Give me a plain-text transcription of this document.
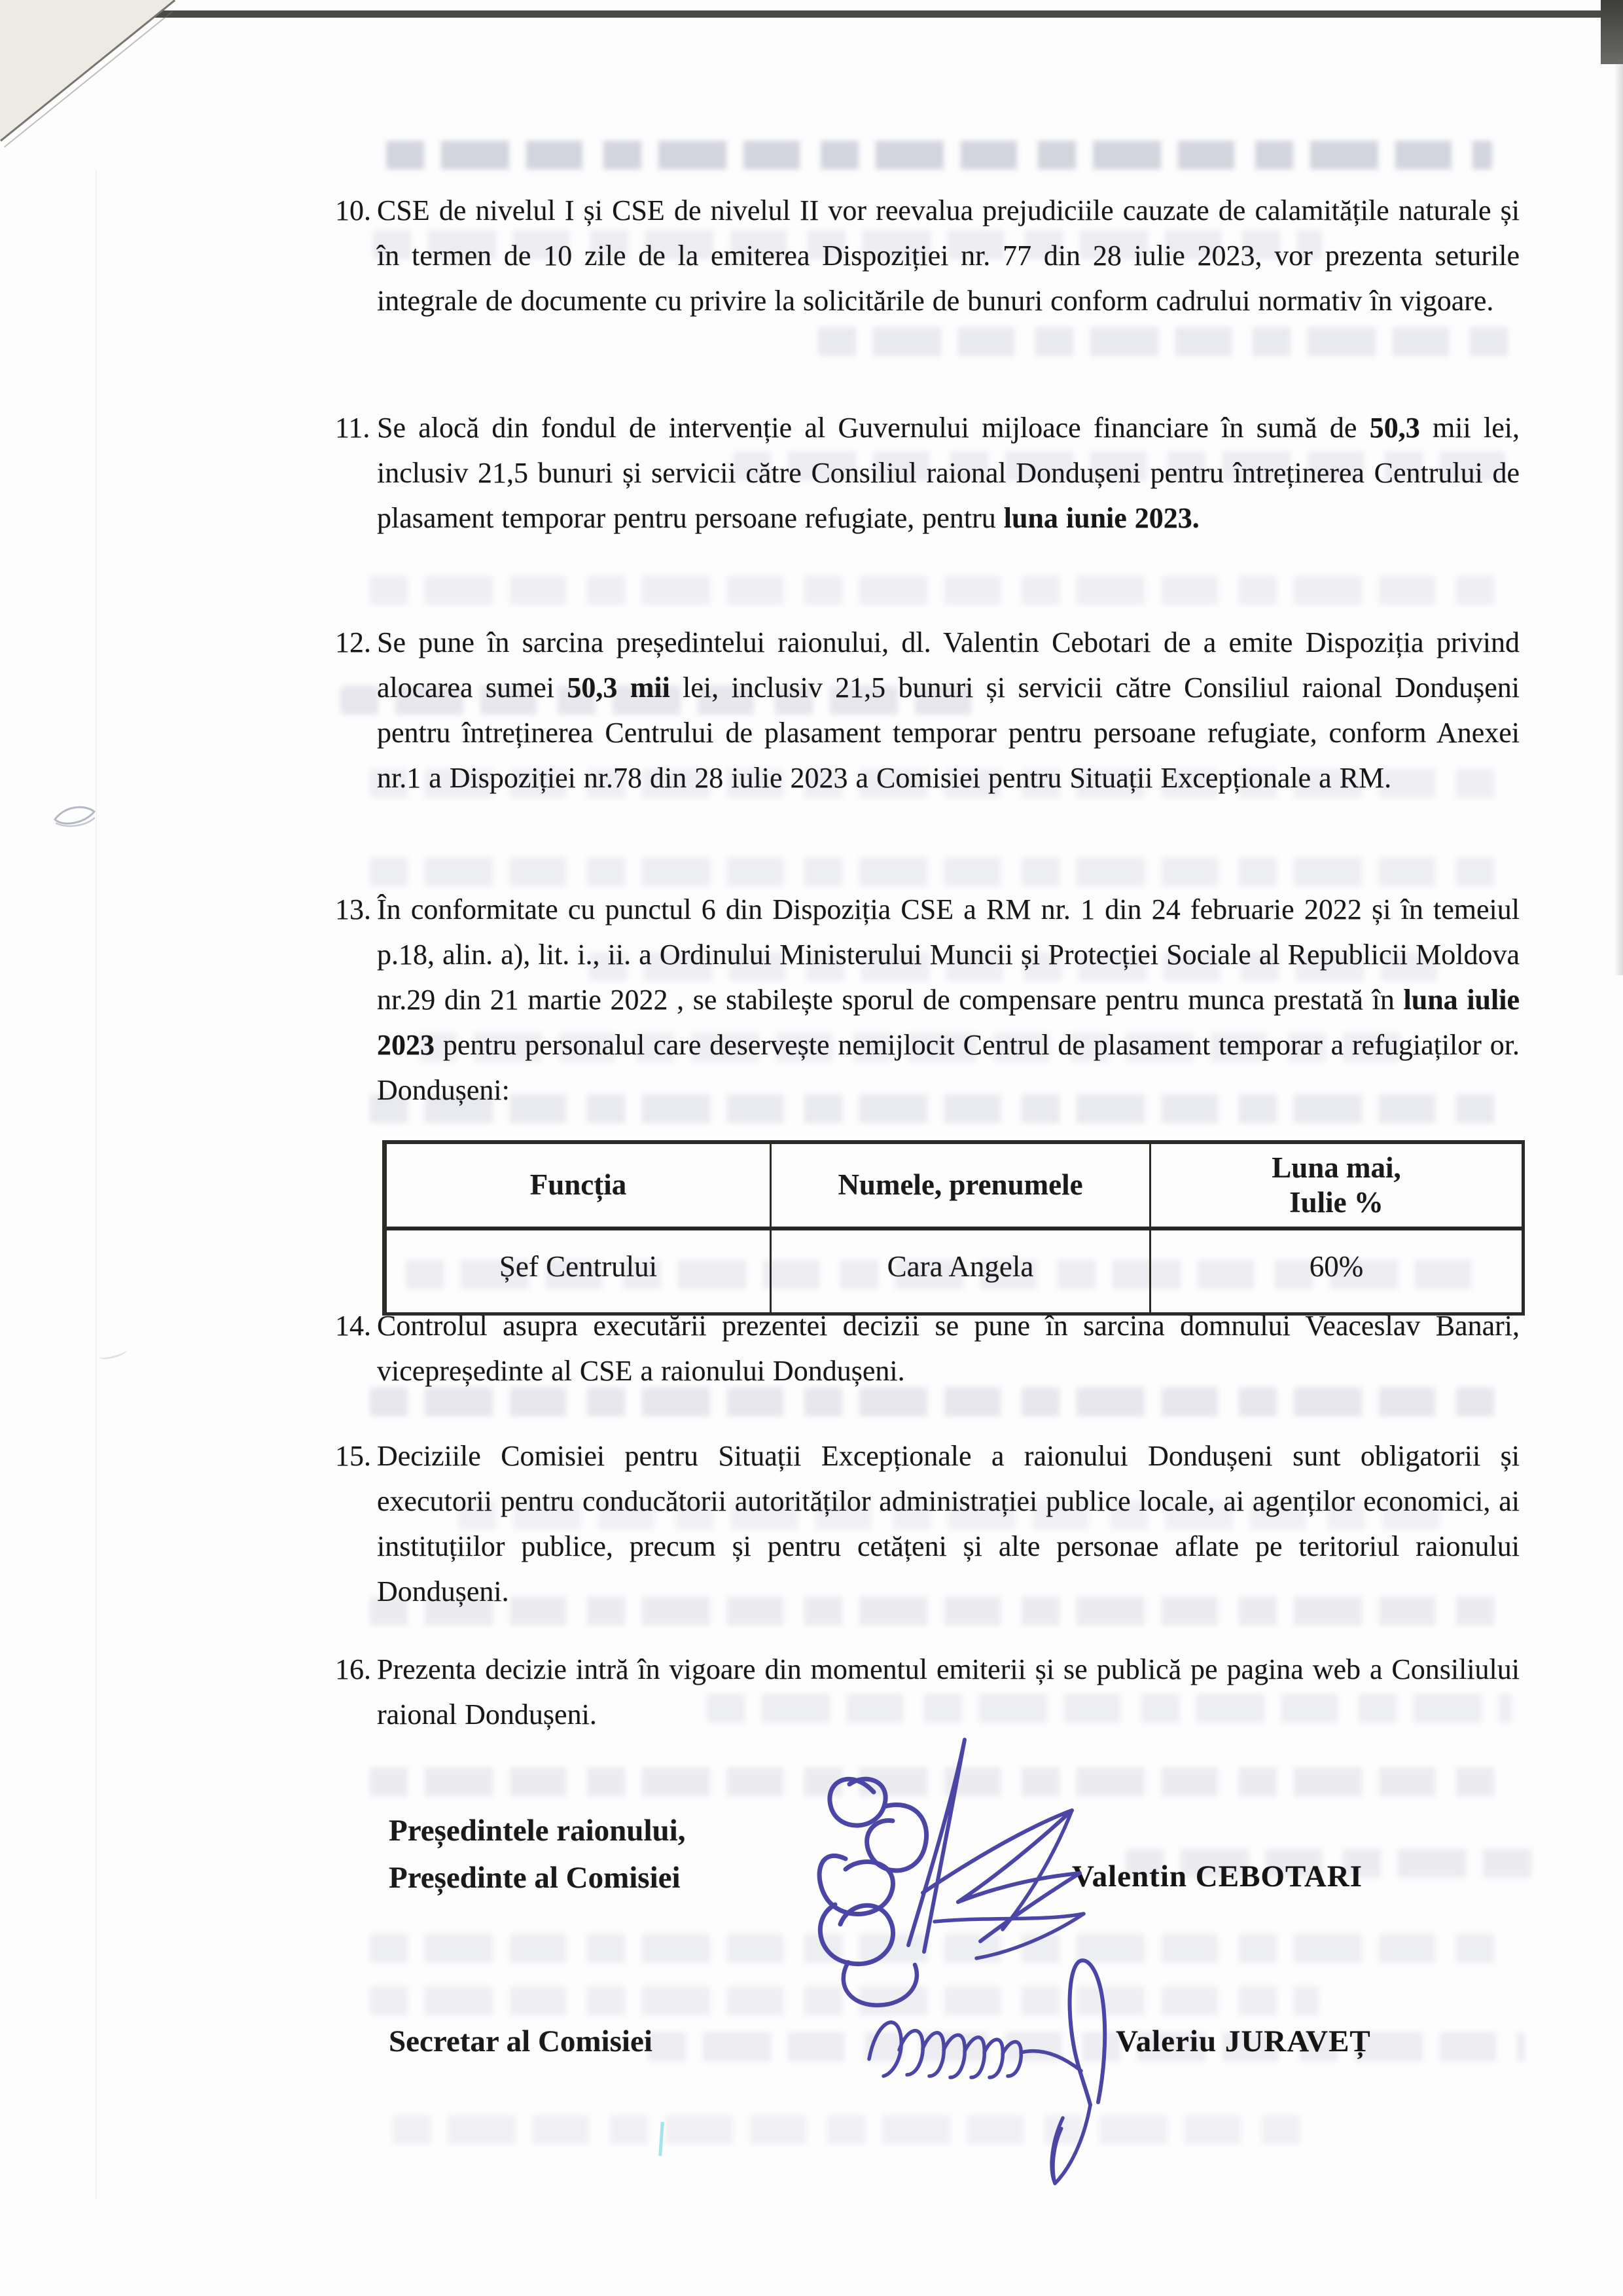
10. CSE de nivelul I și CSE de nivelul II vor reevalua prejudiciile cauzate de calamitățile naturale și în termen de 10 zile de la emiterea Dispoziției nr. 77 din 28 iulie 2023, vor prezenta seturile integrale de documente cu privire la solicitările de bunuri conform cadrului normativ în vigoare.
11. Se alocă din fondul de intervenție al Guvernului mijloace financiare în sumă de 50,3 mii lei, inclusiv 21,5 bunuri și servicii către Consiliul raional Dondușeni pentru întreținerea Centrului de plasament temporar pentru persoane refugiate, pentru luna iunie 2023.
12. Se pune în sarcina președintelui raionului, dl. Valentin Cebotari de a emite Dispoziția privind alocarea sumei 50,3 mii lei, inclusiv 21,5 bunuri și servicii către Consiliul raional Dondușeni pentru întreținerea Centrului de plasament temporar pentru persoane refugiate, conform Anexei nr.1 a Dispoziției nr.78 din 28 iulie 2023 a Comisiei pentru Situații Excepționale a RM.
13. În conformitate cu punctul 6 din Dispoziția CSE a RM nr. 1 din 24 februarie 2022 și în temeiul p.18, alin. a), lit. i., ii. a Ordinului Ministerului Muncii și Protecției Sociale al Republicii Moldova nr.29 din 21 martie 2022 , se stabilește sporul de compensare pentru munca prestată în luna iulie 2023 pentru personalul care deservește nemijlocit Centrul de plasament temporar a refugiaților or. Dondușeni:
14. Controlul asupra executării prezentei decizii se pune în sarcina domnului Veaceslav Banari, vicepreședinte al CSE a raionului Dondușeni.
15. Deciziile Comisiei pentru Situații Excepționale a raionului Dondușeni sunt obligatorii și executorii pentru conducătorii autorităților administrației publice locale, ai agenților economici, ai instituțiilor publice, precum și pentru cetățeni și alte personae aflate pe teritoriul raionului Dondușeni.
16. Prezenta decizie intră în vigoare din momentul emiterii și se publică pe pagina web a Consiliului raional Dondușeni.
Funcția	Numele, prenumele	Luna mai,
Iulie %

Șef Centrului	Cara Angela	60%
Președintele raionului,
Președinte al Comisiei	Valentin CEBOTARI
Secretar al Comisiei	Valeriu JURAVEȚ
